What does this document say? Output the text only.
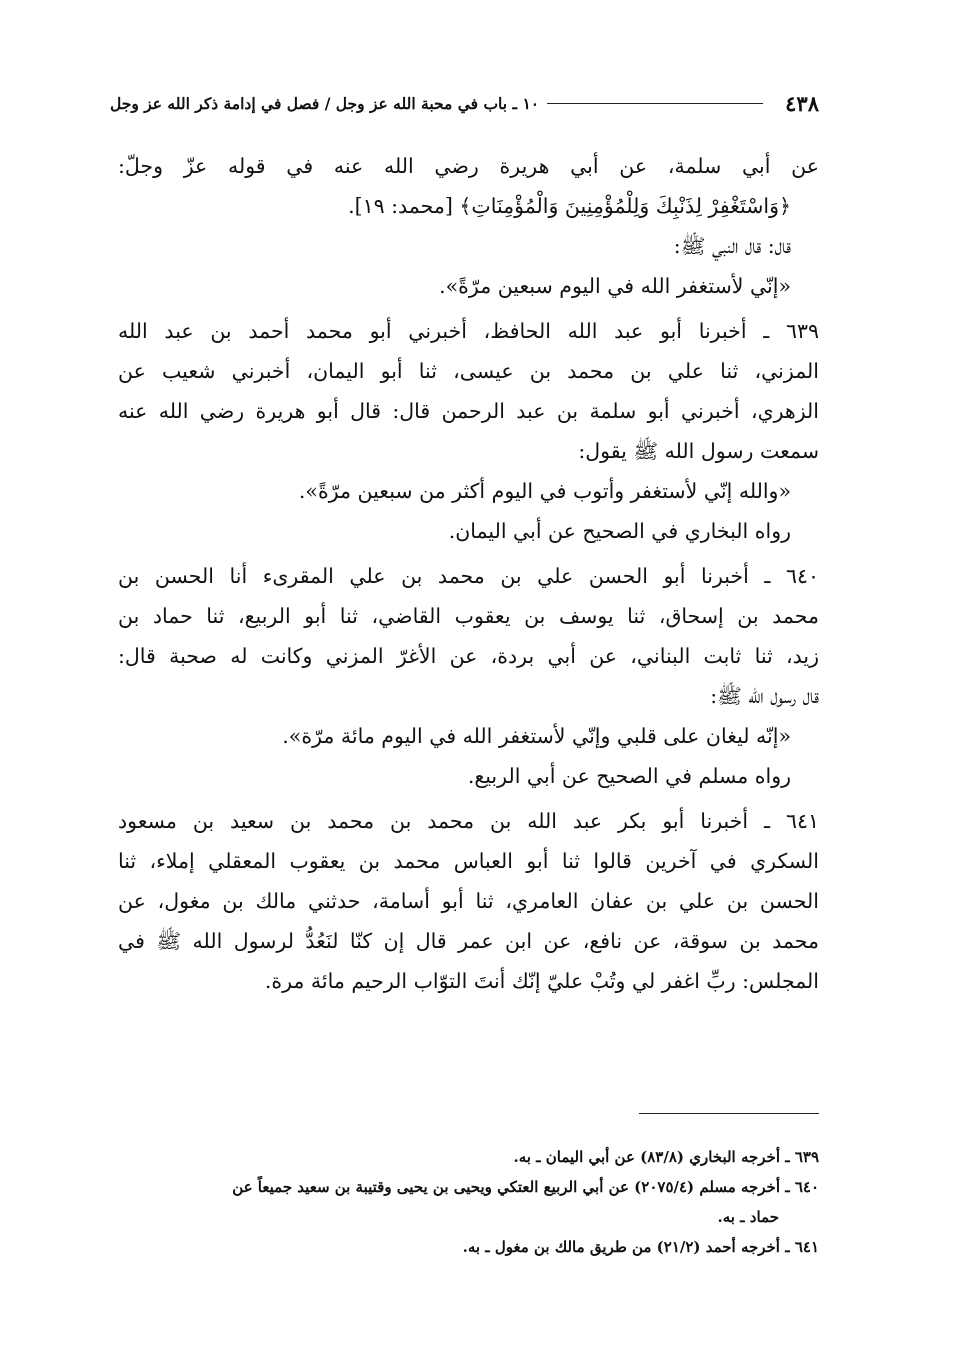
٤٣٨
١٠ ـ باب في محبة الله عز وجل / فصل في إدامة ذكر الله عز وجل
عن أبي سلمة، عن أبي هريرة رضي الله عنه في قوله عزّ وجلّ:
﴿وَاسْتَغْفِرْ لِذَنْبِكَ وَلِلْمُؤْمِنِينَ وَالْمُؤْمِنَاتِ﴾ [محمد: ١٩].
قال: قال النبي ﷺ:
«إنّي لأستغفر الله في اليوم سبعين مرّةً».
٦٣٩ ـ أخبرنا أبو عبد الله الحافظ، أخبرني أبو محمد أحمد بن عبد الله
المزني، ثنا علي بن محمد بن عيسى، ثنا أبو اليمان، أخبرني شعيب عن
الزهري، أخبرني أبو سلمة بن عبد الرحمن قال: قال أبو هريرة رضي الله عنه
سمعت رسول الله ﷺ يقول:
«والله إنّي لأستغفر وأتوب في اليوم أكثر من سبعين مرّةً».
رواه البخاري في الصحيح عن أبي اليمان.
٦٤٠ ـ أخبرنا أبو الحسن علي بن محمد بن علي المقرىء أنا الحسن بن
محمد بن إسحاق، ثنا يوسف بن يعقوب القاضي، ثنا أبو الربيع، ثنا حماد بن
زيد، ثنا ثابت البناني، عن أبي بردة، عن الأغرّ المزني وكانت له صحبة قال:
قال رسول الله ﷺ:
«إنّه ليغان على قلبي وإنّي لأستغفر الله في اليوم مائة مرّة».
رواه مسلم في الصحيح عن أبي الربيع.
٦٤١ ـ أخبرنا أبو بكر عبد الله بن محمد بن محمد بن سعيد بن مسعود
السكري في آخرين قالوا ثنا أبو العباس محمد بن يعقوب المعقلي إملاء، ثنا
الحسن بن علي بن عفان العامري، ثنا أبو أسامة، حدثني مالك بن مغول، عن
محمد بن سوقة، عن نافع، عن ابن عمر قال إن كنّا لنَعُدُّ لرسول الله ﷺ في
المجلس: ربِّ اغفر لي وتُبْ عليّ إنّك أنتَ التوّاب الرحيم مائة مرة.
٦٣٩ ـ أخرجه البخاري (٨٣/٨) عن أبي اليمان ـ به.
٦٤٠ ـ أخرجه مسلم (٢٠٧٥/٤) عن أبي الربيع العتكي ويحيى بن يحيى وقتيبة بن سعيد جميعاً عن
حماد ـ به.
٦٤١ ـ أخرجه أحمد (٢١/٢) من طريق مالك بن مغول ـ به.
